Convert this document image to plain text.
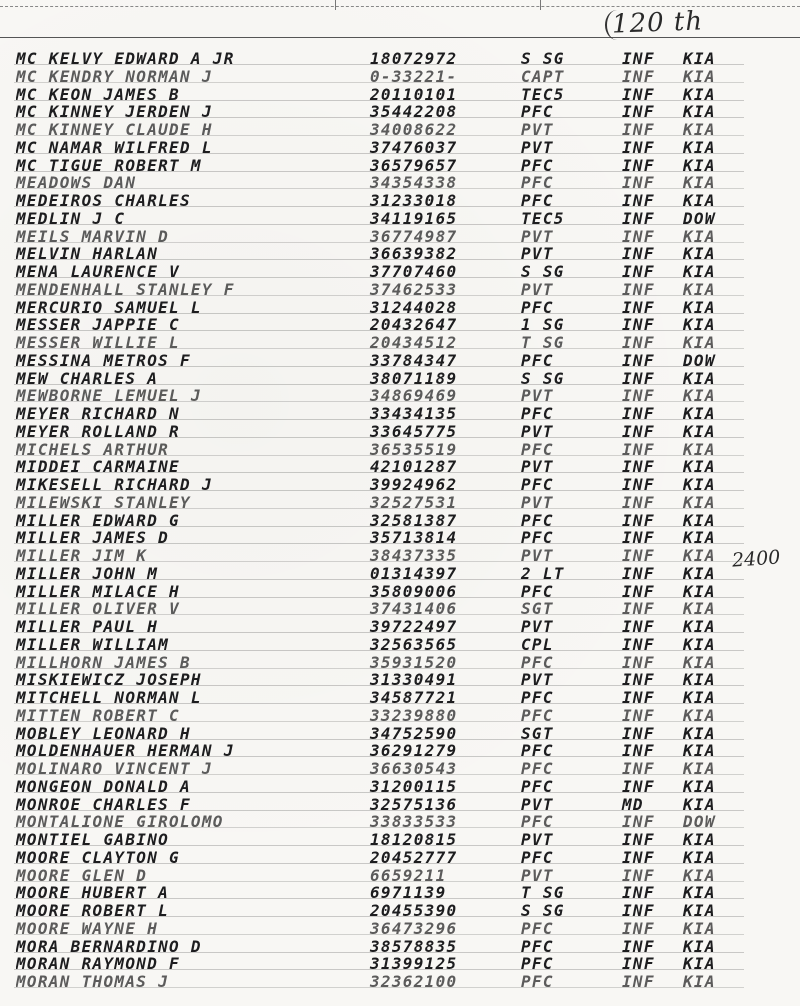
120 th
2400
MC KELVY EDWARD A JR	18072972	S SG	INF	KIA
MC KENDRY NORMAN J	0-33221-	CAPT	INF	KIA
MC KEON JAMES B	20110101	TEC5	INF	KIA
MC KINNEY JERDEN J	35442208	PFC	INF	KIA
MC KINNEY CLAUDE H	34008622	PVT	INF	KIA
MC NAMAR WILFRED L	37476037	PVT	INF	KIA
MC TIGUE ROBERT M	36579657	PFC	INF	KIA
MEADOWS DAN	34354338	PFC	INF	KIA
MEDEIROS CHARLES	31233018	PFC	INF	KIA
MEDLIN J C	34119165	TEC5	INF	DOW
MEILS MARVIN D	36774987	PVT	INF	KIA
MELVIN HARLAN	36639382	PVT	INF	KIA
MENA LAURENCE V	37707460	S SG	INF	KIA
MENDENHALL STANLEY F	37462533	PVT	INF	KIA
MERCURIO SAMUEL L	31244028	PFC	INF	KIA
MESSER JAPPIE C	20432647	1 SG	INF	KIA
MESSER WILLIE L	20434512	T SG	INF	KIA
MESSINA METROS F	33784347	PFC	INF	DOW
MEW CHARLES A	38071189	S SG	INF	KIA
MEWBORNE LEMUEL J	34869469	PVT	INF	KIA
MEYER RICHARD N	33434135	PFC	INF	KIA
MEYER ROLLAND R	33645775	PVT	INF	KIA
MICHELS ARTHUR	36535519	PFC	INF	KIA
MIDDEI CARMAINE	42101287	PVT	INF	KIA
MIKESELL RICHARD J	39924962	PFC	INF	KIA
MILEWSKI STANLEY	32527531	PVT	INF	KIA
MILLER EDWARD G	32581387	PFC	INF	KIA
MILLER JAMES D	35713814	PFC	INF	KIA
MILLER JIM K	38437335	PVT	INF	KIA
MILLER JOHN M	01314397	2 LT	INF	KIA
MILLER MILACE H	35809006	PFC	INF	KIA
MILLER OLIVER V	37431406	SGT	INF	KIA
MILLER PAUL H	39722497	PVT	INF	KIA
MILLER WILLIAM	32563565	CPL	INF	KIA
MILLHORN JAMES B	35931520	PFC	INF	KIA
MISKIEWICZ JOSEPH	31330491	PVT	INF	KIA
MITCHELL NORMAN L	34587721	PFC	INF	KIA
MITTEN ROBERT C	33239880	PFC	INF	KIA
MOBLEY LEONARD H	34752590	SGT	INF	KIA
MOLDENHAUER HERMAN J	36291279	PFC	INF	KIA
MOLINARO VINCENT J	36630543	PFC	INF	KIA
MONGEON DONALD A	31200115	PFC	INF	KIA
MONROE CHARLES F	32575136	PVT	MD	KIA
MONTALIONE GIROLOMO	33833533	PFC	INF	DOW
MONTIEL GABINO	18120815	PVT	INF	KIA
MOORE CLAYTON G	20452777	PFC	INF	KIA
MOORE GLEN D	6659211	PVT	INF	KIA
MOORE HUBERT A	6971139	T SG	INF	KIA
MOORE ROBERT L	20455390	S SG	INF	KIA
MOORE WAYNE H	36473296	PFC	INF	KIA
MORA BERNARDINO D	38578835	PFC	INF	KIA
MORAN RAYMOND F	31399125	PFC	INF	KIA
MORAN THOMAS J	32362100	PFC	INF	KIA
